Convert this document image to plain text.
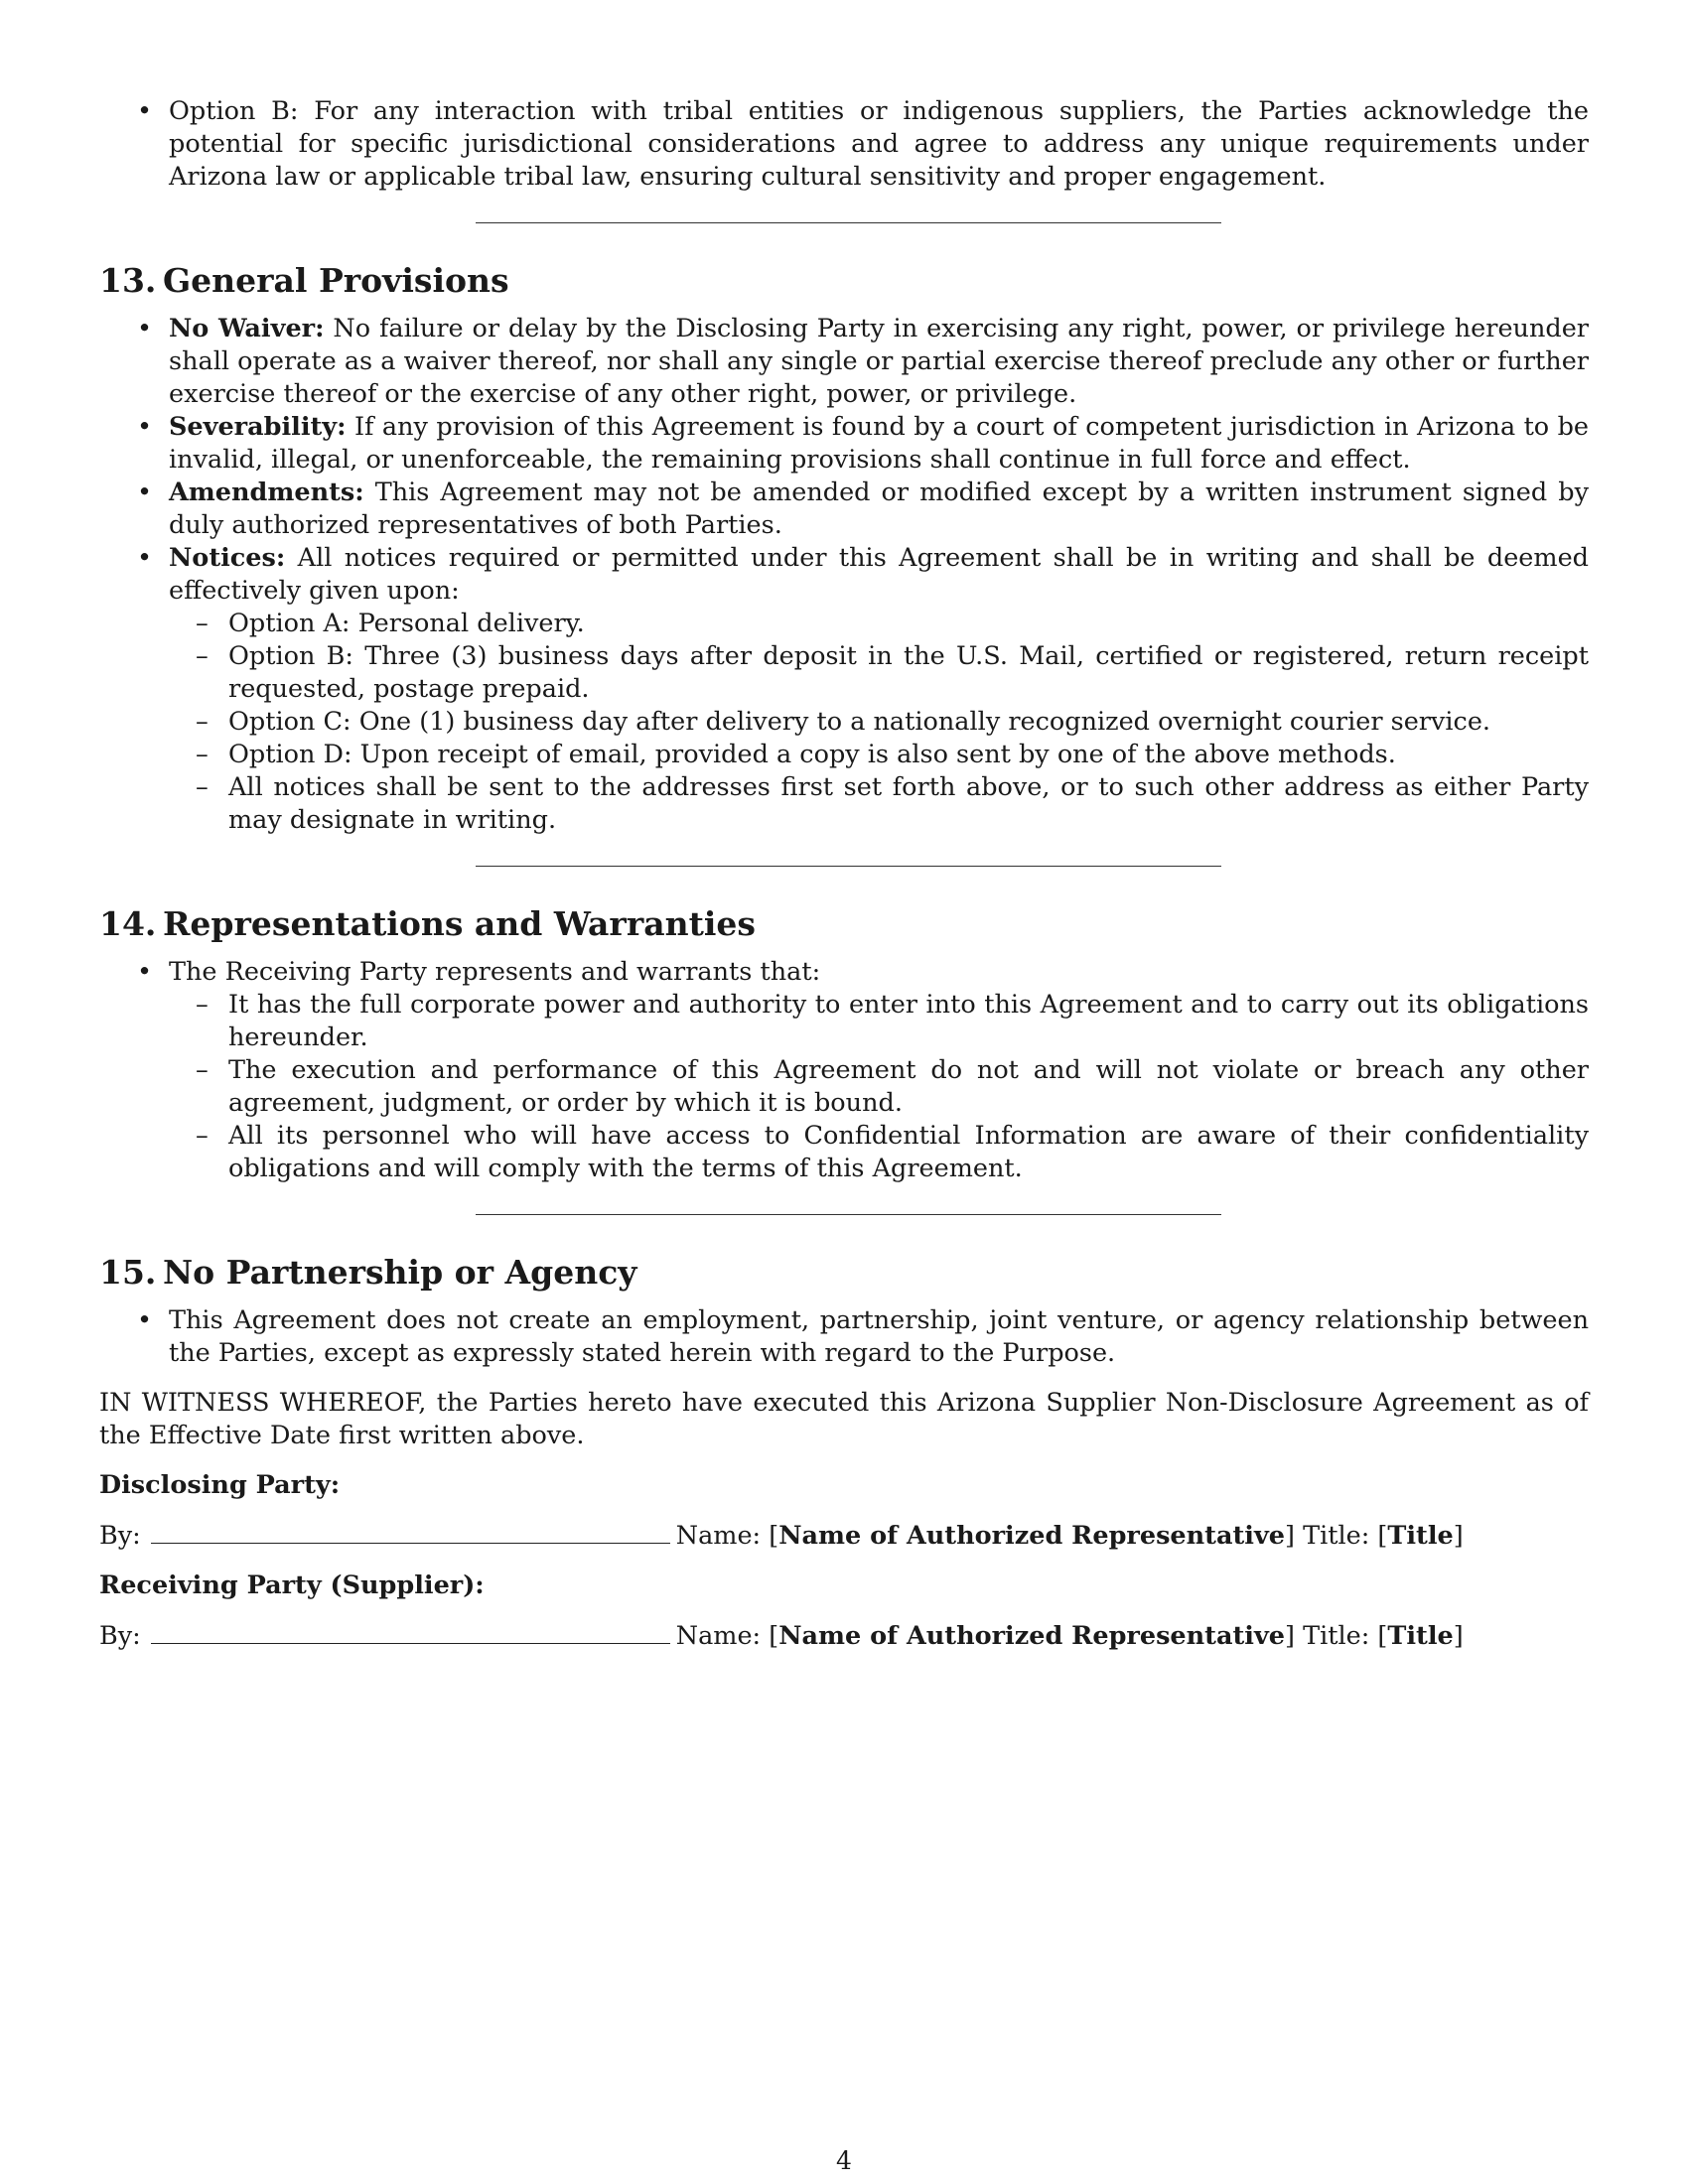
• Option B: For any interaction with tribal entities or indigenous suppliers, the Parties acknowledge the potential for specific jurisdictional considerations and agree to address any unique requirements under Arizona law or applicable tribal law, ensuring cultural sensitivity and proper engagement.
13. General Provisions
• No Waiver: No failure or delay by the Disclosing Party in exercising any right, power, or privilege hereunder shall operate as a waiver thereof, nor shall any single or partial exercise thereof preclude any other or further exercise thereof or the exercise of any other right, power, or privilege.
• Severability: If any provision of this Agreement is found by a court of competent jurisdiction in Arizona to be invalid, illegal, or unenforceable, the remaining provisions shall continue in full force and effect.
• Amendments: This Agreement may not be amended or modified except by a written instrument signed by duly authorized representatives of both Parties.
• Notices: All notices required or permitted under this Agreement shall be in writing and shall be deemed effectively given upon:
– Option A: Personal delivery.
– Option B: Three (3) business days after deposit in the U.S. Mail, certified or registered, return receipt requested, postage prepaid.
– Option C: One (1) business day after delivery to a nationally recognized overnight courier service.
– Option D: Upon receipt of email, provided a copy is also sent by one of the above methods.
– All notices shall be sent to the addresses first set forth above, or to such other address as either Party may designate in writing.
14. Representations and Warranties
• The Receiving Party represents and warrants that:
– It has the full corporate power and authority to enter into this Agreement and to carry out its obligations hereunder.
– The execution and performance of this Agreement do not and will not violate or breach any other agreement, judgment, or order by which it is bound.
– All its personnel who will have access to Confidential Information are aware of their confidentiality obligations and will comply with the terms of this Agreement.
15. No Partnership or Agency
• This Agreement does not create an employment, partnership, joint venture, or agency relationship between the Parties, except as expressly stated herein with regard to the Purpose.

IN WITNESS WHEREOF, the Parties hereto have executed this Arizona Supplier Non-Disclosure Agreement as of the Effective Date first written above.

Disclosing Party:

By:	Name: [Name of Authorized Representative] Title: [Title]

Receiving Party (Supplier):

By:	Name: [Name of Authorized Representative] Title: [Title]

4
